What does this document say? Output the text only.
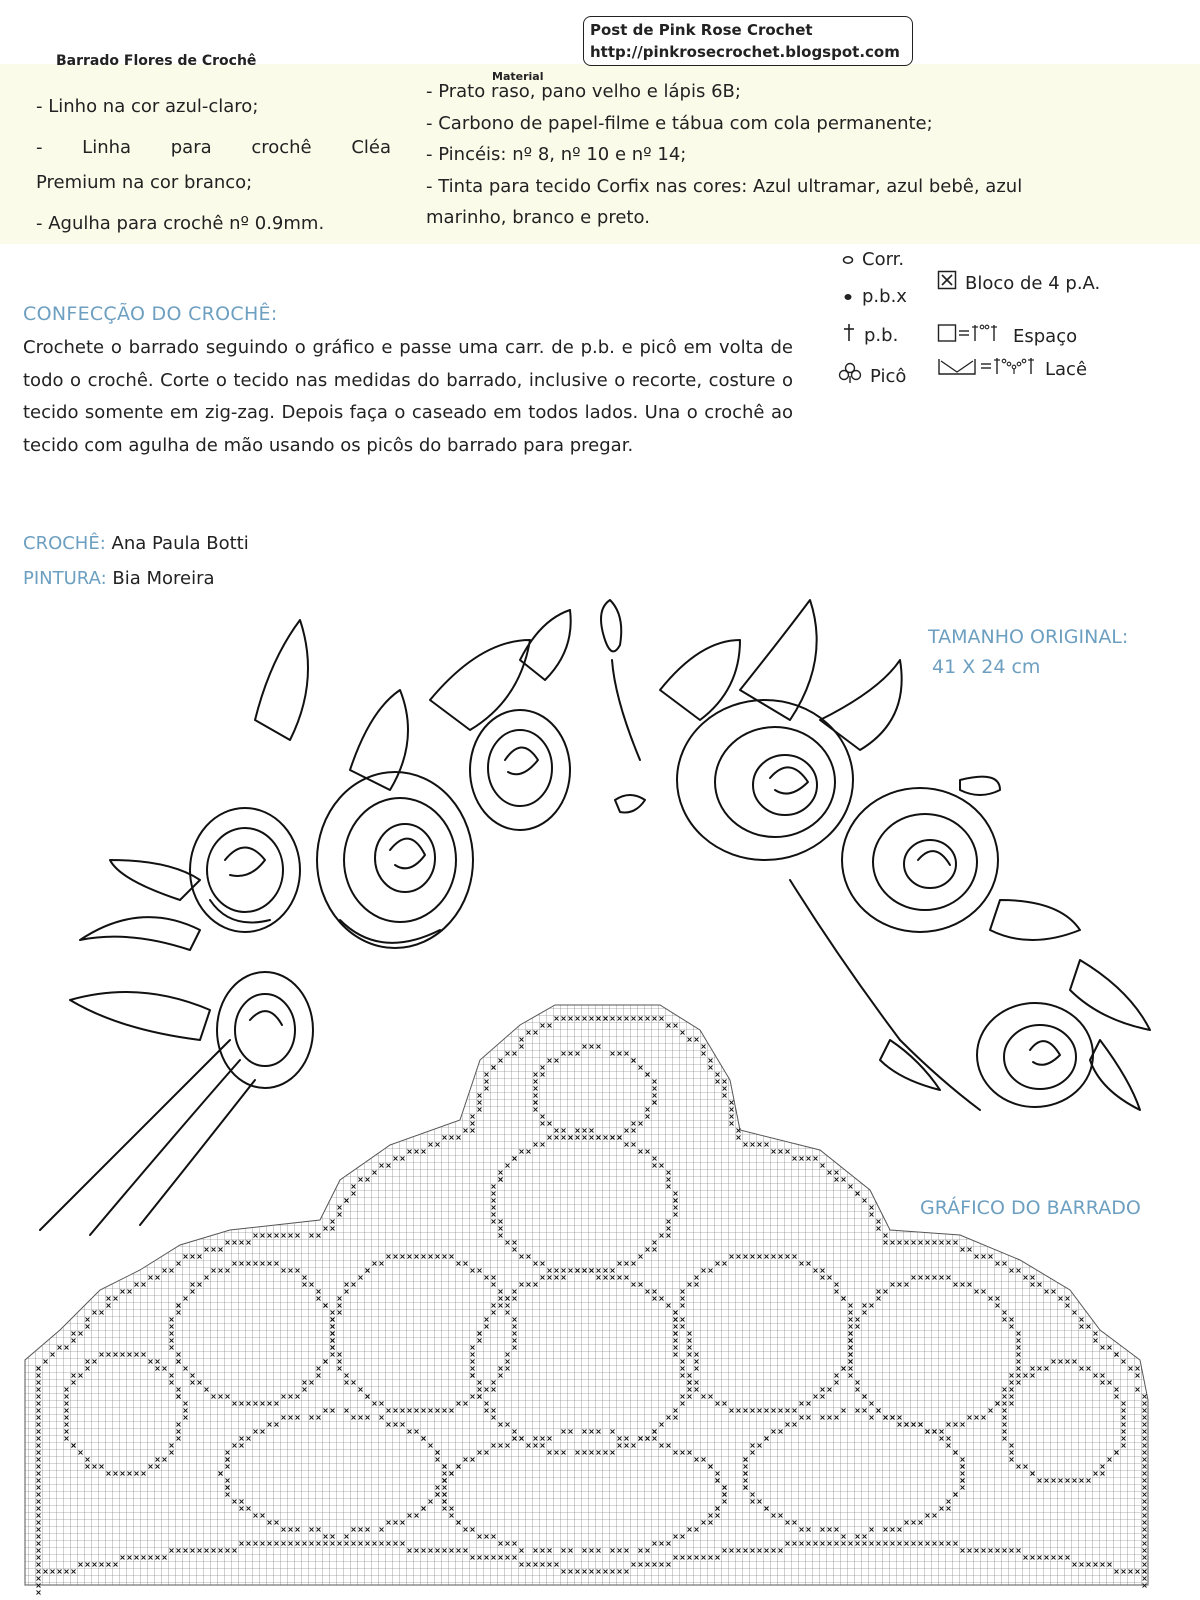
Post de Pink Rose Crochet
http://pinkrosecrochet.blogspot.com
Barrado Flores de Crochê
Material
- Linho na cor azul-claro;
- Linha para crochê Cléa
Premium na cor branco;
- Agulha para crochê nº 0.9mm.
- Prato raso, pano velho e lápis 6B;
- Carbono de papel-filme e tábua com cola permanente;
- Pincéis: nº 8, nº 10 e nº 14;
- Tinta para tecido Corfix nas cores: Azul ultramar, azul bebê, azul
marinho, branco e preto.
Corr.
p.b.x
p.b.
Picô
Bloco de 4 p.A.
Espaço
Lacê
CONFECÇÃO DO CROCHÊ:
Crochete o barrado seguindo o gráfico e passe uma carr. de p.b. e picô em volta de todo o crochê. Corte o tecido nas medidas do barrado, inclusive o recorte, costure o tecido somente em zig-zag. Depois faça o caseado em todos lados. Una o crochê ao tecido com agulha de mão usando os picôs do barrado para pregar.
CROCHÊ: Ana Paula Botti
PINTURA: Bia Moreira
TAMANHO ORIGINAL:
41 X 24 cm
GRÁFICO DO BARRADO
